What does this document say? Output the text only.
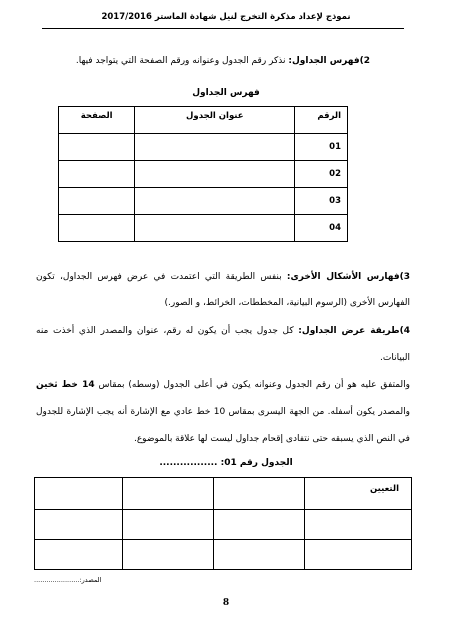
نموذج لإعداد مذكرة التخرج لنيل شهادة الماستر 2017/2016
2)فهرس الجداول: نذكر رقم الجدول وعنوانه ورقم الصفحة التي يتواجد فيها.
فهرس الجداول
الرقم	عنوان الجدول	الصفحة
01		
02		
03		
04		
3)فهارس الأشكال الأخرى: بنفس الطريقة التي اعتمدت في عرض فهرس الجداول، تكون
الفهارس الأخرى (الرسوم البيانية، المخططات، الخرائط، و الصور.)
4)طريقة عرض الجداول: كل جدول يجب أن يكون له رقم، عنوان والمصدر الذي أخذت منه
البيانات.
والمتفق عليه هو أن رقم الجدول وعنوانه يكون في أعلى الجدول (وسطه) بمقاس 14 خط ثخين
والمصدر يكون أسفله. من الجهة اليسرى بمقاس 10 خط عادي مع الإشارة أنه يجب الإشارة للجدول
في النص الذي يسبقه حتى نتفادى إقحام جداول ليست لها علاقة بالموضوع.
الجدول رقم 01: .................
التعيين			

المصدر:......................
8
